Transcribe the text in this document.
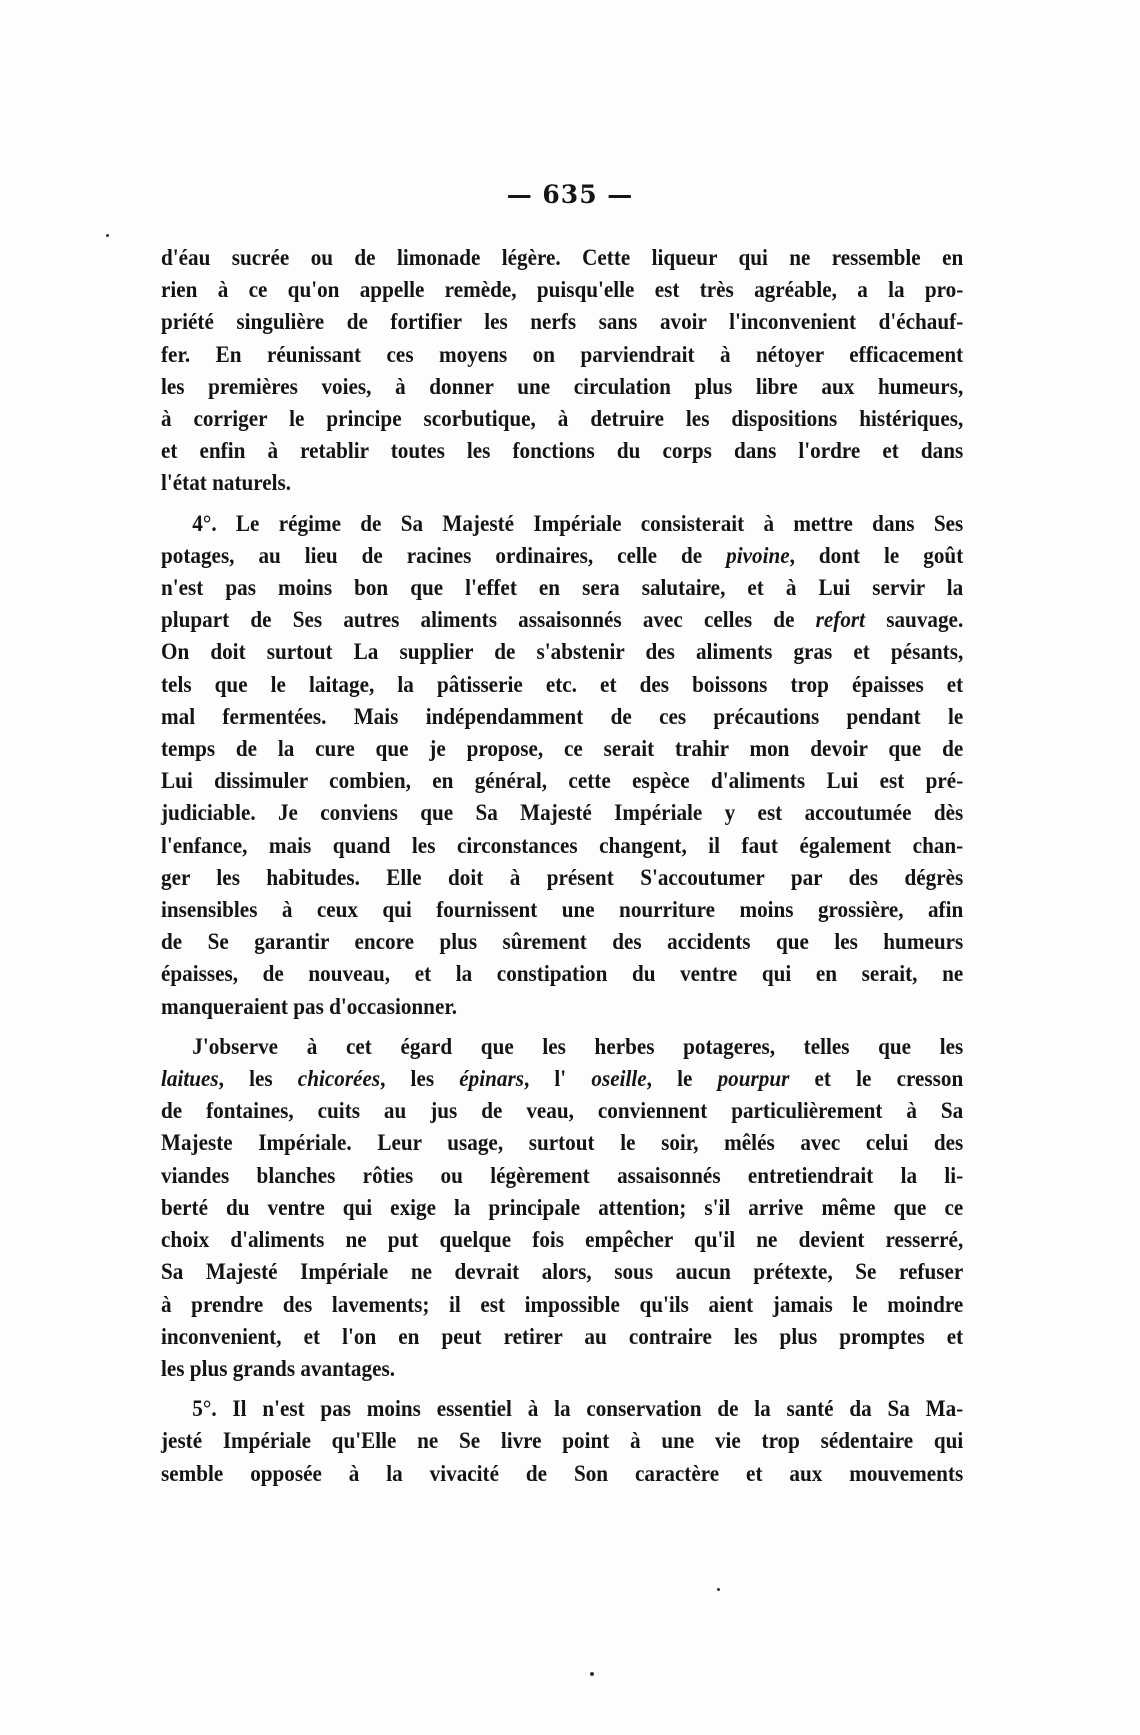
— 635 —
d'éau sucrée ou de limonade légère. Cette liqueur qui ne ressemble en
rien à ce qu'on appelle remède, puisqu'elle est très agréable, a la pro-
priété singulière de fortifier les nerfs sans avoir l'inconvenient d'échauf-
fer. En réunissant ces moyens on parviendrait à nétoyer efficacement
les premières voies, à donner une circulation plus libre aux humeurs,
à corriger le principe scorbutique, à detruire les dispositions histériques,
et enfin à retablir toutes les fonctions du corps dans l'ordre et dans
l'état naturels.
4°. Le régime de Sa Majesté Impériale consisterait à mettre dans Ses
potages, au lieu de racines ordinaires, celle de pivoine, dont le goût
n'est pas moins bon que l'effet en sera salutaire, et à Lui servir la
plupart de Ses autres aliments assaisonnés avec celles de refort sauvage.
On doit surtout La supplier de s'abstenir des aliments gras et pésants,
tels que le laitage, la pâtisserie etc. et des boissons trop épaisses et
mal fermentées. Mais indépendamment de ces précautions pendant le
temps de la cure que je propose, ce serait trahir mon devoir que de
Lui dissimuler combien, en général, cette espèce d'aliments Lui est pré-
judiciable. Je conviens que Sa Majesté Impériale y est accoutumée dès
l'enfance, mais quand les circonstances changent, il faut également chan-
ger les habitudes. Elle doit à présent S'accoutumer par des dégrès
insensibles à ceux qui fournissent une nourriture moins grossière, afin
de Se garantir encore plus sûrement des accidents que les humeurs
épaisses, de nouveau, et la constipation du ventre qui en serait, ne
manqueraient pas d'occasionner.
J'observe à cet égard que les herbes potageres, telles que les
laitues, les chicorées, les épinars, l' oseille, le pourpur et le cresson
de fontaines, cuits au jus de veau, conviennent particulièrement à Sa
Majeste Impériale. Leur usage, surtout le soir, mêlés avec celui des
viandes blanches rôties ou légèrement assaisonnés entretiendrait la li-
berté du ventre qui exige la principale attention; s'il arrive même que ce
choix d'aliments ne put quelque fois empêcher qu'il ne devient resserré,
Sa Majesté Impériale ne devrait alors, sous aucun prétexte, Se refuser
à prendre des lavements; il est impossible qu'ils aient jamais le moindre
inconvenient, et l'on en peut retirer au contraire les plus promptes et
les plus grands avantages.
5°. Il n'est pas moins essentiel à la conservation de la santé da Sa Ma-
jesté Impériale qu'Elle ne Se livre point à une vie trop sédentaire qui
semble opposée à la vivacité de Son caractère et aux mouvements
